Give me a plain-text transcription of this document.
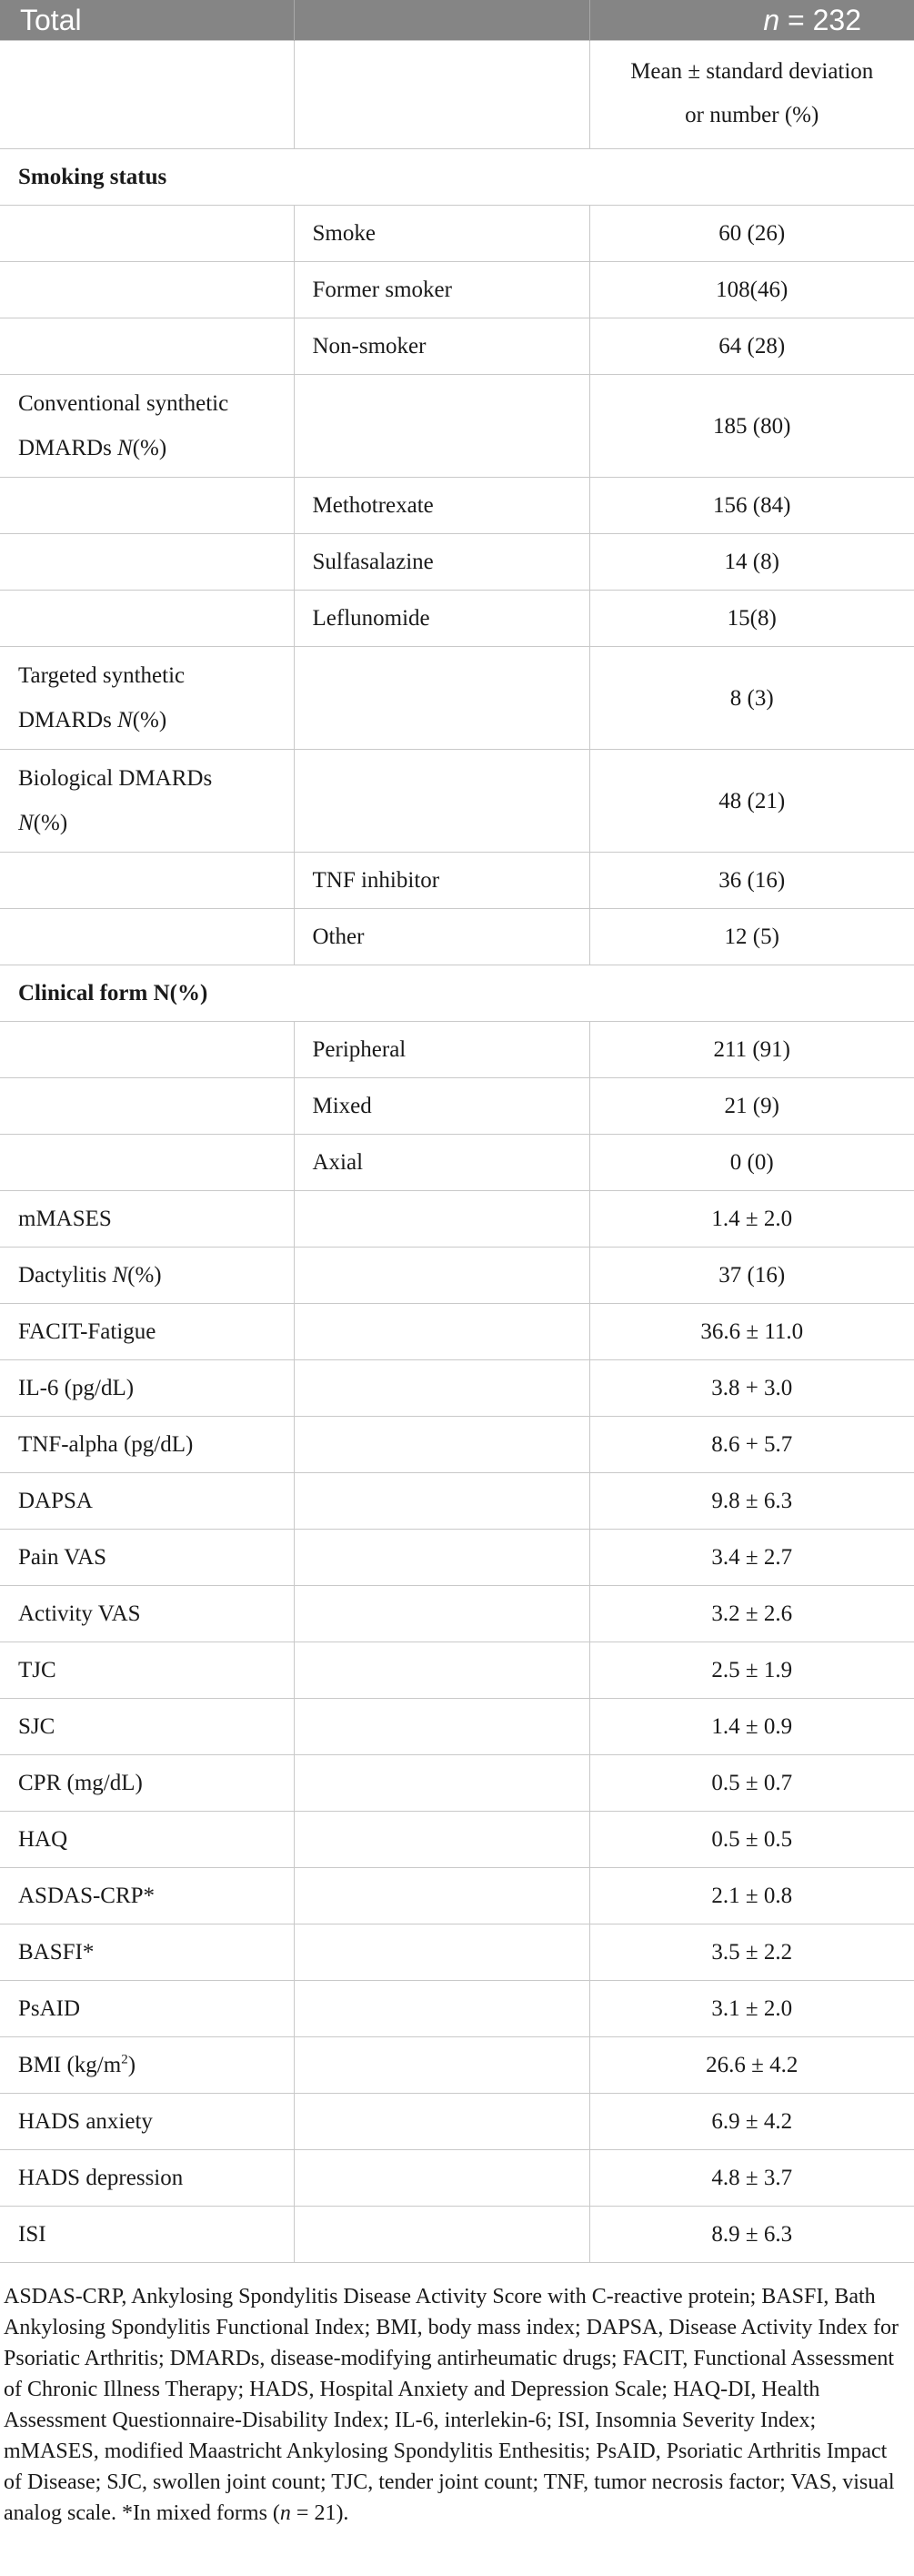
Total		n = 232
		Mean ± standard deviation
or number (%)
Smoking status		
	Smoke	60 (26)
	Former smoker	108(46)
	Non-smoker	64 (28)
Conventional synthetic
DMARDs N(%)		185 (80)
	Methotrexate	156 (84)
	Sulfasalazine	14 (8)
	Leflunomide	15(8)
Targeted synthetic
DMARDs N(%)		8 (3)
Biological DMARDs
N(%)		48 (21)
	TNF inhibitor	36 (16)
	Other	12 (5)
Clinical form N(%)		
	Peripheral	211 (91)
	Mixed	21 (9)
	Axial	0 (0)
mMASES		1.4 ± 2.0
Dactylitis N(%)		37 (16)
FACIT-Fatigue		36.6 ± 11.0
IL-6 (pg/dL)		3.8 + 3.0
TNF-alpha (pg/dL)		8.6 + 5.7
DAPSA		9.8 ± 6.3
Pain VAS		3.4 ± 2.7
Activity VAS		3.2 ± 2.6
TJC		2.5 ± 1.9
SJC		1.4 ± 0.9
CPR (mg/dL)		0.5 ± 0.7
HAQ		0.5 ± 0.5
ASDAS-CRP*		2.1 ± 0.8
BASFI*		3.5 ± 2.2
PsAID		3.1 ± 2.0
BMI $(kg/m^2)$		26.6 ± 4.2
HADS anxiety		6.9 ± 4.2
HADS depression		4.8 ± 3.7
ISI		8.9 ± 6.3

ASDAS-CRP, Ankylosing Spondylitis Disease Activity Score with C-reactive protein; BASFI, Bath Ankylosing Spondylitis Functional Index; BMI, body mass index; DAPSA, Disease Activity Index for Psoriatic Arthritis; DMARDs, disease-modifying antirheumatic drugs; FACIT, Functional Assessment of Chronic Illness Therapy; HADS, Hospital Anxiety and Depression Scale; HAQ-DI, Health Assessment Questionnaire-Disability Index; IL-6, interlekin-6; ISI, Insomnia Severity Index; mMASES, modified Maastricht Ankylosing Spondylitis Enthesitis; PsAID, Psoriatic Arthritis Impact of Disease; SJC, swollen joint count; TJC, tender joint count; TNF, tumor necrosis factor; VAS, visual analog scale. *In mixed forms (n = 21).
